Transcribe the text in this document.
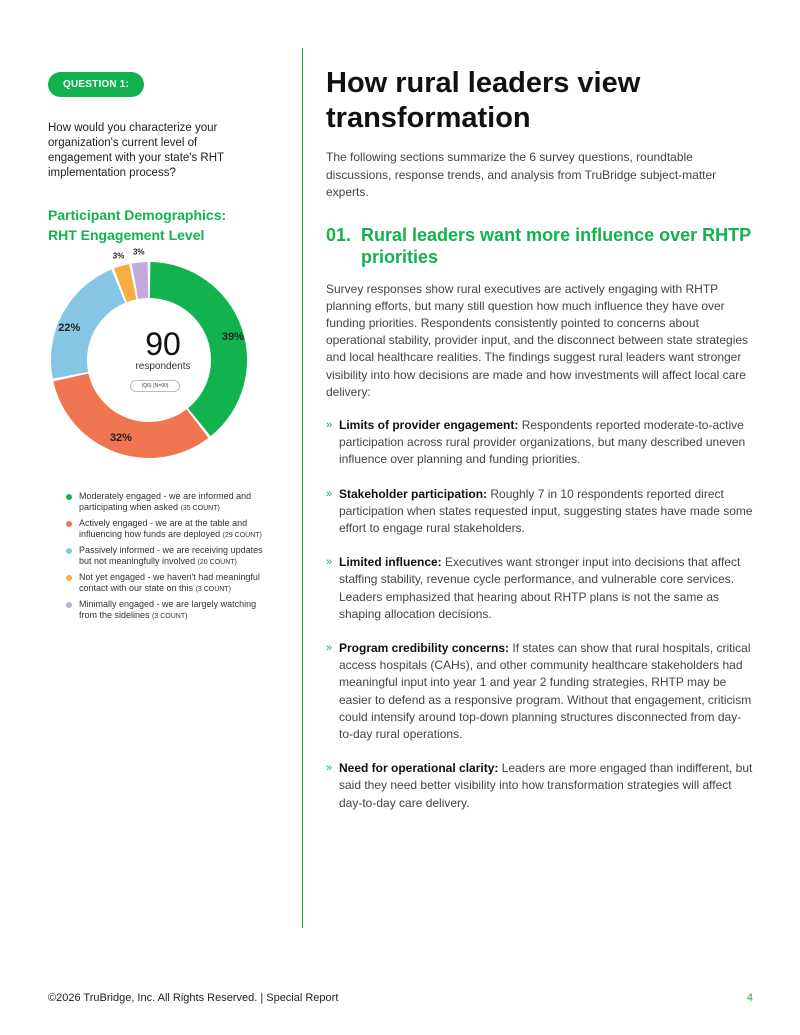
QUESTION 1:
How would you characterize your organization's current level of engagement with your state's RHT implementation process?
Participant Demographics:
RHT Engagement Level
39%
32%
22%
3% 3%
90
respondents
(Q6) (N=90)
Moderately engaged - we are informed and participating when asked (35 COUNT)
Actively engaged - we are at the table and influencing how funds are deployed (29 COUNT)
Passively informed - we are receiving updates but not meaningfully involved (20 COUNT)
Not yet engaged - we haven't had meaningful contact with our state on this (3 COUNT)
Minimally engaged - we are largely watching from the sidelines (3 COUNT)
How rural leaders view transformation
The following sections summarize the 6 survey questions, roundtable discussions, response trends, and analysis from TruBridge subject-matter experts.
01. Rural leaders want more influence over RHTP priorities
Survey responses show rural executives are actively engaging with RHTP planning efforts, but many still question how much influence they have over funding priorities. Respondents consistently pointed to concerns about operational stability, provider input, and the disconnect between state strategies and local healthcare realities. The findings suggest rural leaders want stronger visibility into how decisions are made and how investments will affect local care delivery:
» Limits of provider engagement: Respondents reported moderate-to-active participation across rural provider organizations, but many described uneven influence over planning and funding priorities.
» Stakeholder participation: Roughly 7 in 10 respondents reported direct participation when states requested input, suggesting states have made some effort to engage rural stakeholders.
» Limited influence: Executives want stronger input into decisions that affect staffing stability, revenue cycle performance, and vulnerable core services. Leaders emphasized that hearing about RHTP plans is not the same as shaping allocation decisions.
» Program credibility concerns: If states can show that rural hospitals, critical access hospitals (CAHs), and other community healthcare stakeholders had meaningful input into year 1 and year 2 funding strategies, RHTP may be easier to defend as a responsive program. Without that engagement, criticism could intensify around top-down planning structures disconnected from day-to-day rural operations.
» Need for operational clarity: Leaders are more engaged than indifferent, but said they need better visibility into how transformation strategies will affect day-to-day care delivery.
©2026 TruBridge, Inc. All Rights Reserved. | Special Report	4
